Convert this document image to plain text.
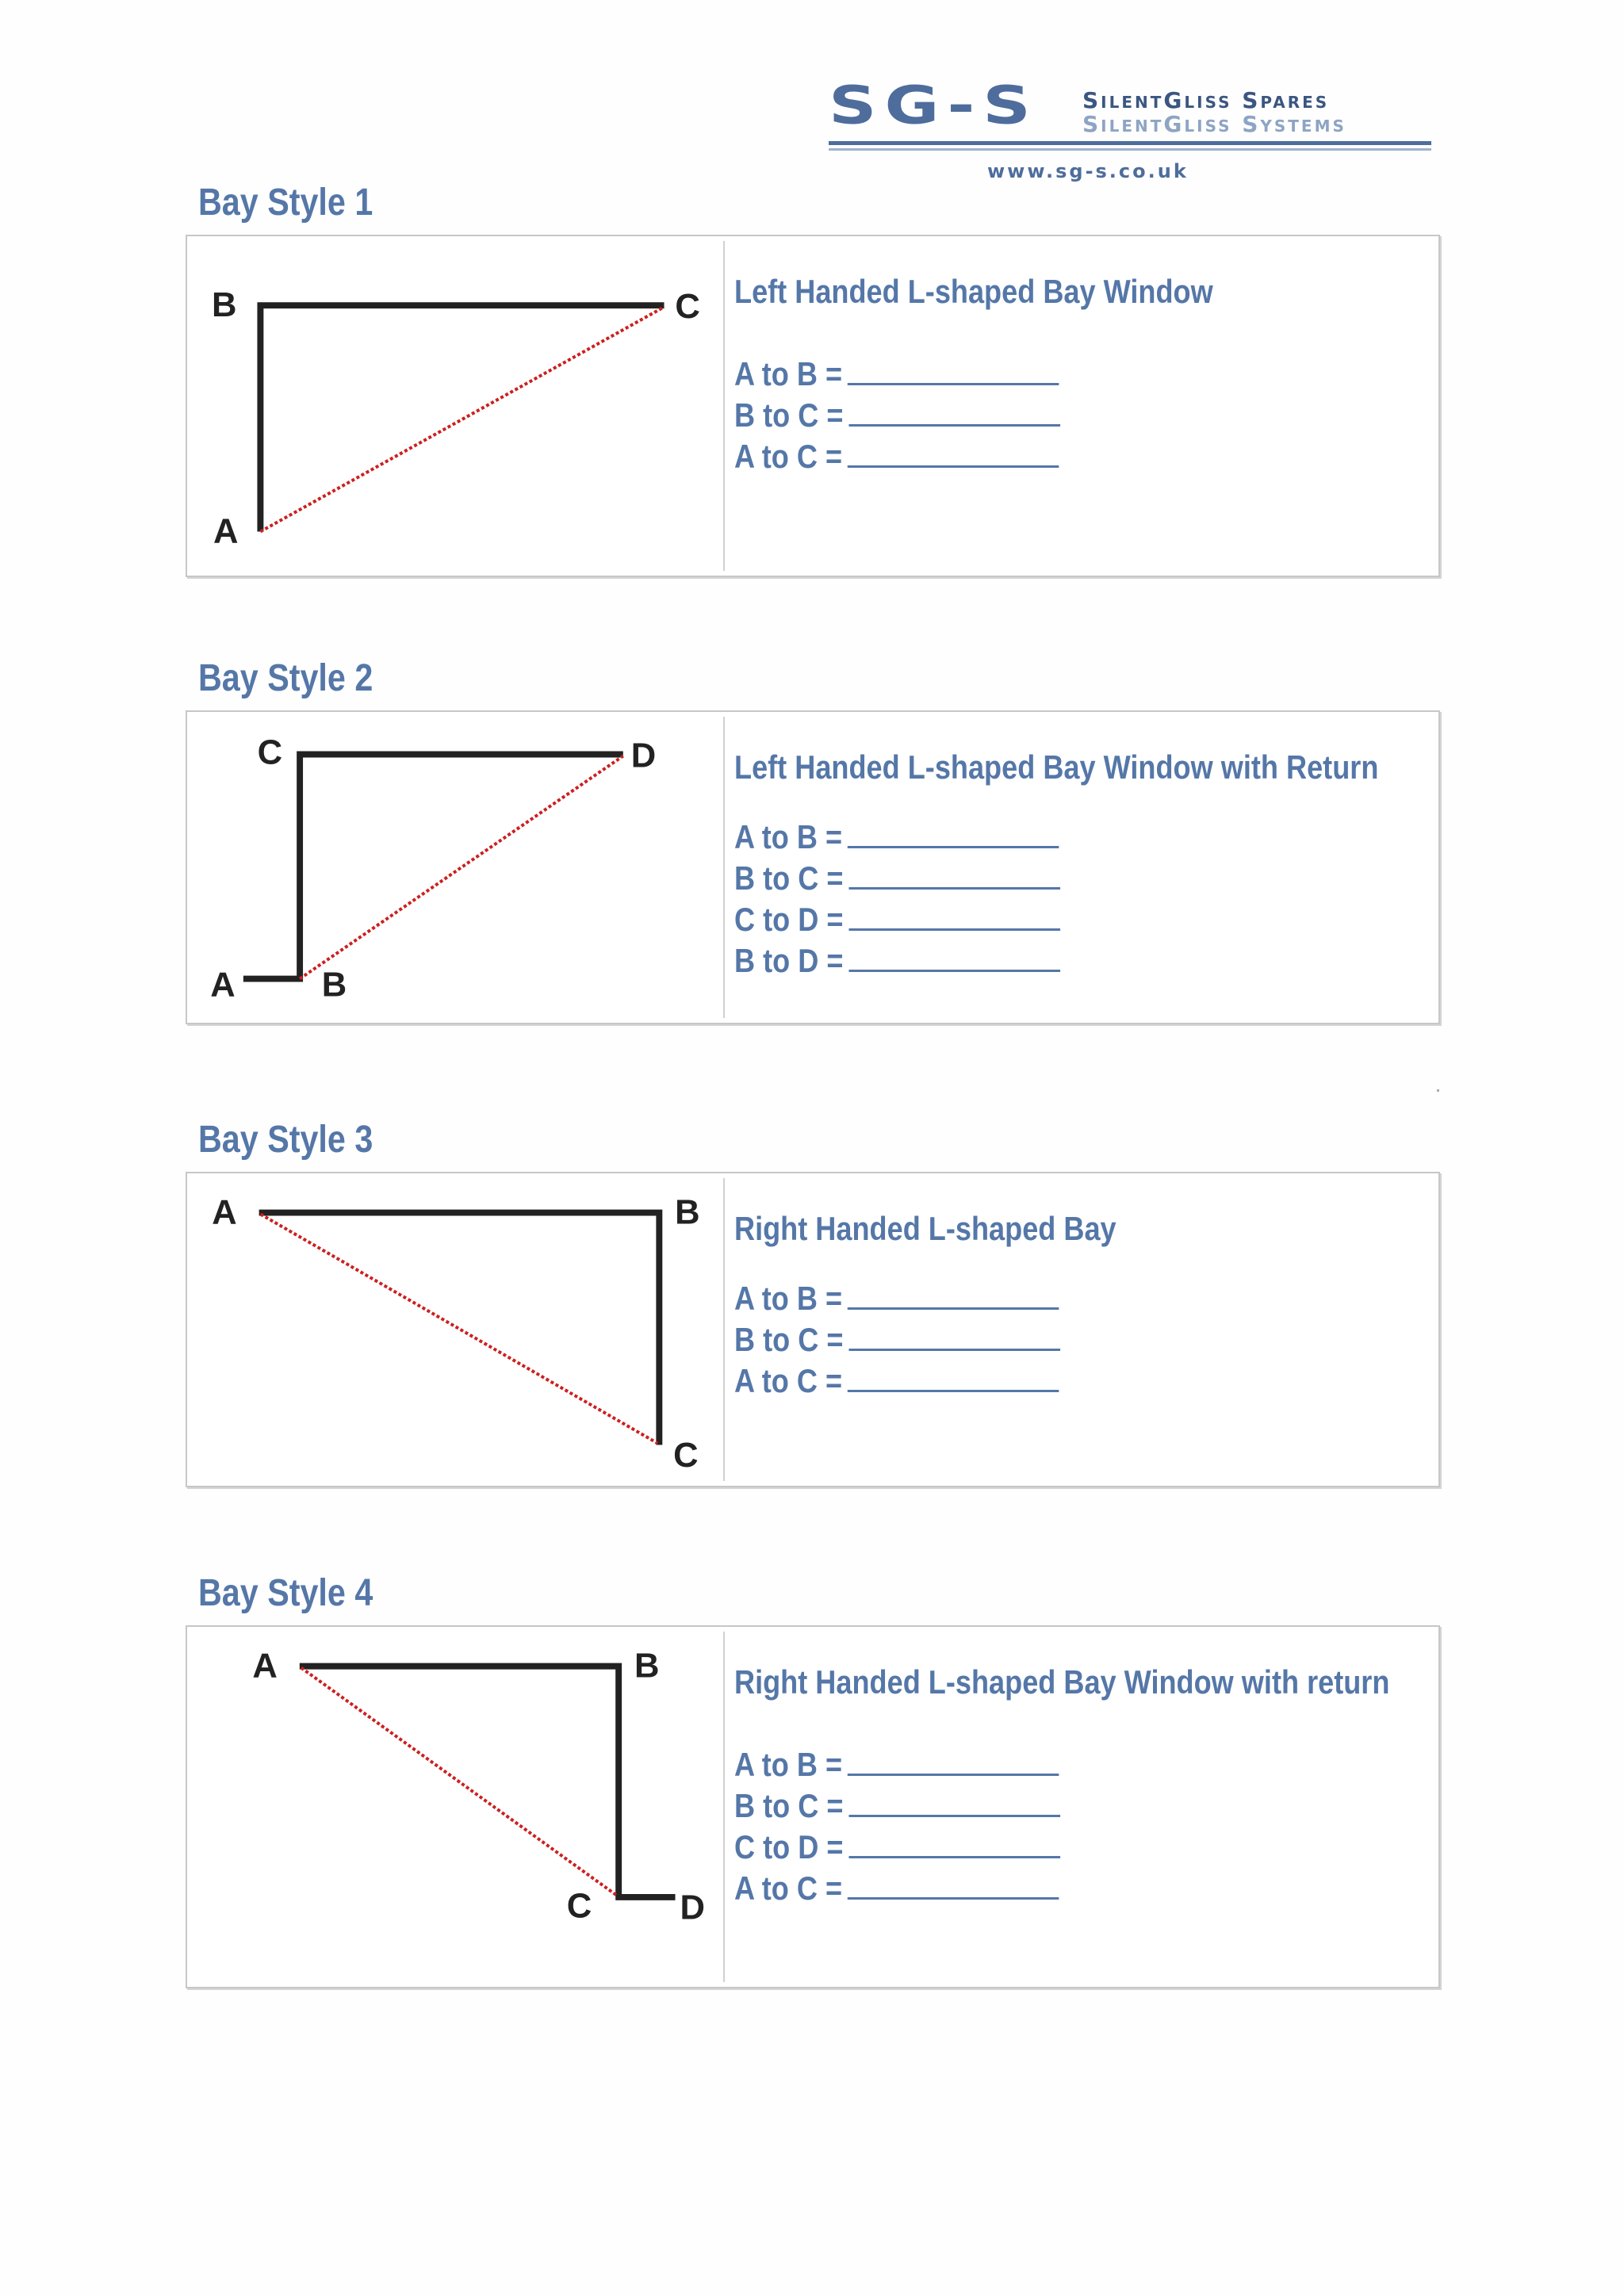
SG-S SilentGliss Spares
SilentGliss Systems
www.sg-s.co.uk
Bay Style 1
B	C
A
Left Handed L-shaped Bay Window
A to B =
B to C =
A to C =
Bay Style 2
C	D
A B
Left Handed L-shaped Bay Window with Return
A to B =
B to C =
C to D =
B to D =
Bay Style 3
A	B
C
Right Handed L-shaped Bay
A to B =
B to C =
A to C =
Bay Style 4
A	B
C	D
Right Handed L-shaped Bay Window with return
A to B =
B to C =
C to D =
A to C =
